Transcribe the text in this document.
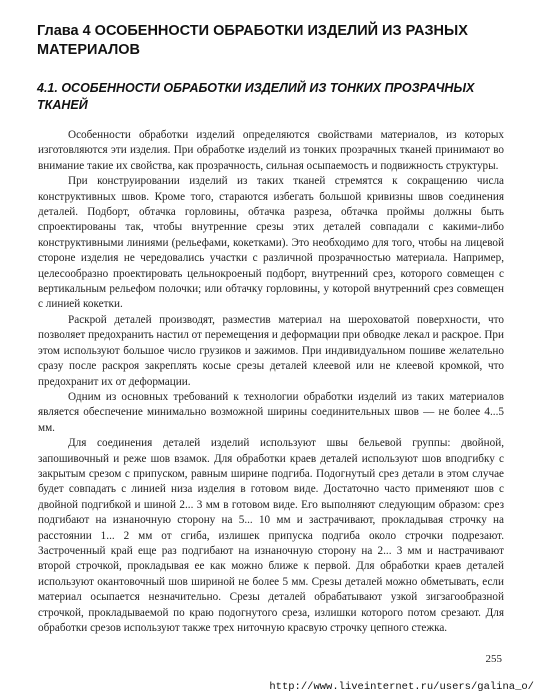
Глава 4 ОСОБЕННОСТИ ОБРАБОТКИ ИЗДЕЛИЙ ИЗ РАЗНЫХ МАТЕРИАЛОВ
4.1. ОСОБЕННОСТИ ОБРАБОТКИ ИЗДЕЛИЙ ИЗ ТОНКИХ ПРОЗРАЧНЫХ ТКАНЕЙ

Особенности обработки изделий определяются свойствами материалов, из которых изготовляются эти изделия. При обработке изделий из тонких прозрачных тканей принимают во внимание такие их свойства, как прозрачность, сильная осыпаемость и подвижность структуры.

При конструировании изделий из таких тканей стремятся к сокращению числа конструктивных швов. Кроме того, стараются избегать большой кривизны швов соединения деталей. Подборт, обтачка горловины, обтачка разреза, обтачка проймы должны быть спроектированы так, чтобы внутренние срезы этих деталей совпадали с какими-либо конструктивными линиями (рельефами, кокетками). Это необходимо для того, чтобы на лицевой стороне изделия не чередовались участки с различной прозрачностью материала. Например, целесообразно проектировать цельнокроеный подборт, внутренний срез, которого совмещен с вертикальным рельефом полочки; или обтачку горловины, у которой внутренний срез совмещен с линией кокетки.

Раскрой деталей производят, разместив материал на шероховатой поверхности, что позволяет предохранить настил от перемещения и деформации при обводке лекал и раскрое. При этом используют большое число грузиков и зажимов. При индивидуальном пошиве желательно сразу после раскроя закреплять косые срезы деталей клеевой или не клеевой кромкой, что предохранит их от деформации.

Одним из основных требований к технологии обработки изделий из таких материалов является обеспечение минимально возможной ширины соединительных швов — не более 4...5 мм.

Для соединения деталей изделий используют швы бельевой группы: двойной, запошивочный и реже шов взамок. Для обработки краев деталей используют шов вподгибку с закрытым срезом с припуском, равным ширине подгиба. Подогнутый срез детали в этом случае будет совпадать с линией низа изделия в готовом виде. Достаточно часто применяют шов с двойной подгибкой и шиной 2... 3 мм в готовом виде. Его выполняют следующим образом: срез подгибают на изнаночную сторону на 5... 10 мм и застрачивают, прокладывая строчку на расстоянии 1... 2 мм от сгиба, излишек припуска подгиба около строчки подрезают. Застроченный край еще раз подгибают на изнаночную сторону на 2... 3 мм и настрачивают второй строчкой, прокладывая ее как можно ближе к первой. Для обработки краев деталей используют окантовочный шов шириной не более 5 мм. Срезы деталей можно обметывать, если материал осыпается незначительно. Срезы деталей обрабатывают узкой зигзагообразной строчкой, прокладываемой по краю подогнутого среза, излишки которого потом срезают. Для обработки срезов используют также трех ниточную красвую строчку цепного стежка.

255
http://www.liveinternet.ru/users/galina_o/
